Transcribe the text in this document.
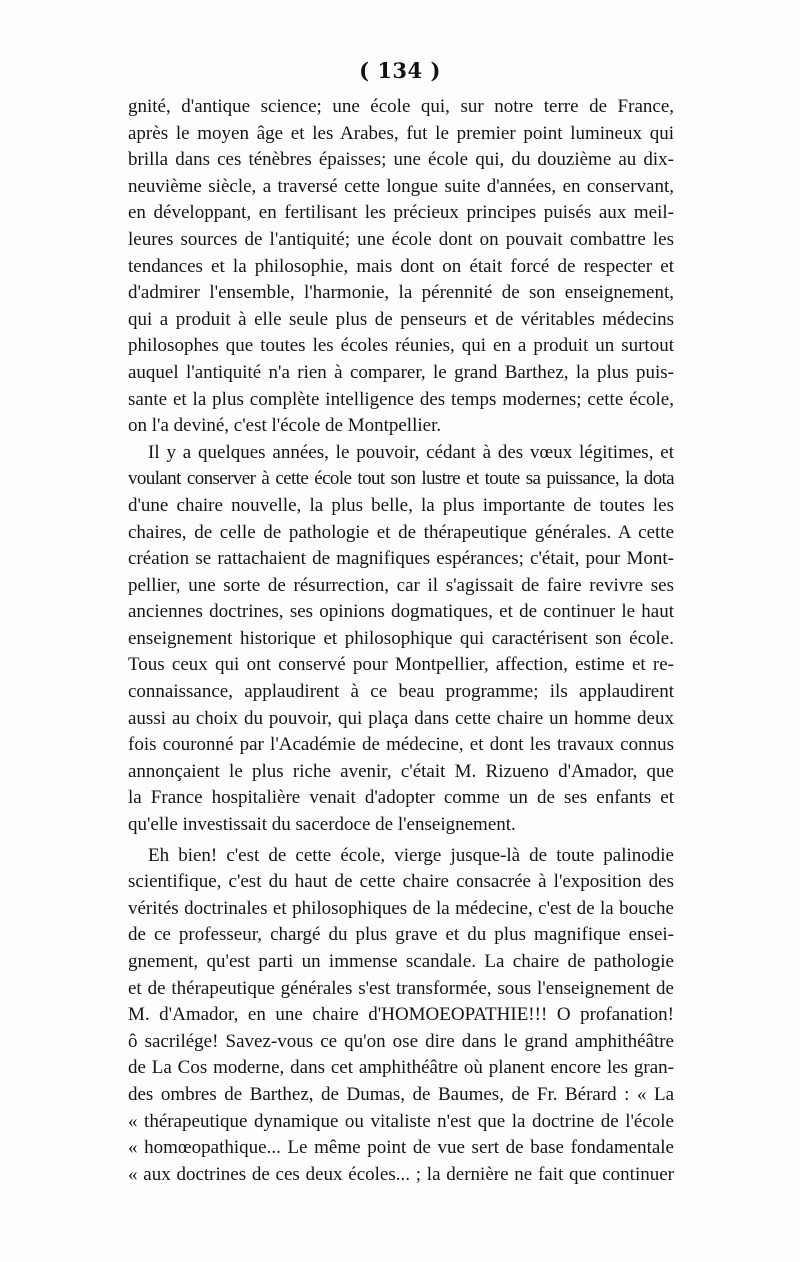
( 134 )
gnité, d'antique science; une école qui, sur notre terre de France,
après le moyen âge et les Arabes, fut le premier point lumineux qui
brilla dans ces ténèbres épaisses; une école qui, du douzième au dix-
neuvième siècle, a traversé cette longue suite d'années, en conservant,
en développant, en fertilisant les précieux principes puisés aux meil-
leures sources de l'antiquité; une école dont on pouvait combattre les
tendances et la philosophie, mais dont on était forcé de respecter et
d'admirer l'ensemble, l'harmonie, la pérennité de son enseignement,
qui a produit à elle seule plus de penseurs et de véritables médecins
philosophes que toutes les écoles réunies, qui en a produit un surtout
auquel l'antiquité n'a rien à comparer, le grand Barthez, la plus puis-
sante et la plus complète intelligence des temps modernes; cette école,
on l'a deviné, c'est l'école de Montpellier.
Il y a quelques années, le pouvoir, cédant à des vœux légitimes, et
voulant conserver à cette école tout son lustre et toute sa puissance, la dota
d'une chaire nouvelle, la plus belle, la plus importante de toutes les
chaires, de celle de pathologie et de thérapeutique générales. A cette
création se rattachaient de magnifiques espérances; c'était, pour Mont-
pellier, une sorte de résurrection, car il s'agissait de faire revivre ses
anciennes doctrines, ses opinions dogmatiques, et de continuer le haut
enseignement historique et philosophique qui caractérisent son école.
Tous ceux qui ont conservé pour Montpellier, affection, estime et re-
connaissance, applaudirent à ce beau programme; ils applaudirent
aussi au choix du pouvoir, qui plaça dans cette chaire un homme deux
fois couronné par l'Académie de médecine, et dont les travaux connus
annonçaient le plus riche avenir, c'était M. Rizueno d'Amador, que
la France hospitalière venait d'adopter comme un de ses enfants et
qu'elle investissait du sacerdoce de l'enseignement.
Eh bien! c'est de cette école, vierge jusque-là de toute palinodie
scientifique, c'est du haut de cette chaire consacrée à l'exposition des
vérités doctrinales et philosophiques de la médecine, c'est de la bouche
de ce professeur, chargé du plus grave et du plus magnifique ensei-
gnement, qu'est parti un immense scandale. La chaire de pathologie
et de thérapeutique générales s'est transformée, sous l'enseignement de
M. d'Amador, en une chaire d'HOMOEOPATHIE!!! O profanation!
ô sacrilége! Savez-vous ce qu'on ose dire dans le grand amphithéâtre
de La Cos moderne, dans cet amphithéâtre où planent encore les gran-
des ombres de Barthez, de Dumas, de Baumes, de Fr. Bérard : « La
« thérapeutique dynamique ou vitaliste n'est que la doctrine de l'école
« homœopathique... Le même point de vue sert de base fondamentale
« aux doctrines de ces deux écoles... ; la dernière ne fait que continuer
